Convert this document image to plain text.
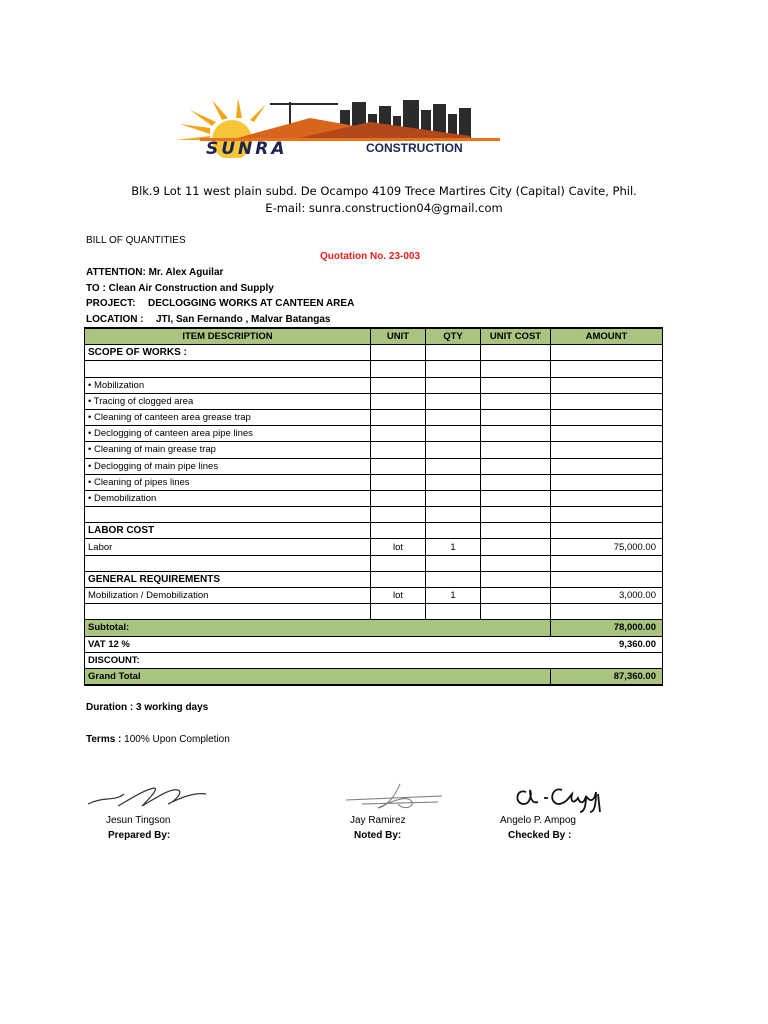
SUNRA	CONSTRUCTION
Blk.9 Lot 11 west plain subd. De Ocampo 4109 Trece Martires City (Capital) Cavite, Phil.
E-mail: sunra.construction04@gmail.com
BILL OF QUANTITIES
Quotation No. 23-003
ATTENTION: Mr. Alex Aguilar
TO : Clean Air Construction and Supply
PROJECT: DECLOGGING WORKS AT CANTEEN AREA
LOCATION : JTI, San Fernando , Malvar Batangas
ITEM DESCRIPTION	UNIT	QTY	UNIT COST	AMOUNT
SCOPE OF WORKS :				

• Mobilization				
• Tracing of clogged area				
• Cleaning of canteen area grease trap				
• Declogging of canteen area pipe lines				
• Cleaning of main grease trap				
• Declogging of main pipe lines				
• Cleaning of pipes lines				
• Demobilization				

LABOR COST				
Labor	lot	1		75,000.00

GENERAL REQUIREMENTS				
Mobilization / Demobilization	lot	1		3,000.00

Subtotal:				78,000.00
VAT 12 %				9,360.00
DISCOUNT:				
Grand Total				87,360.00
Duration : 3 working days
Terms : 100% Upon Completion
Jesun Tingson
Prepared By:
Jay Ramirez
Noted By:
Angelo P. Ampog
Checked By :
